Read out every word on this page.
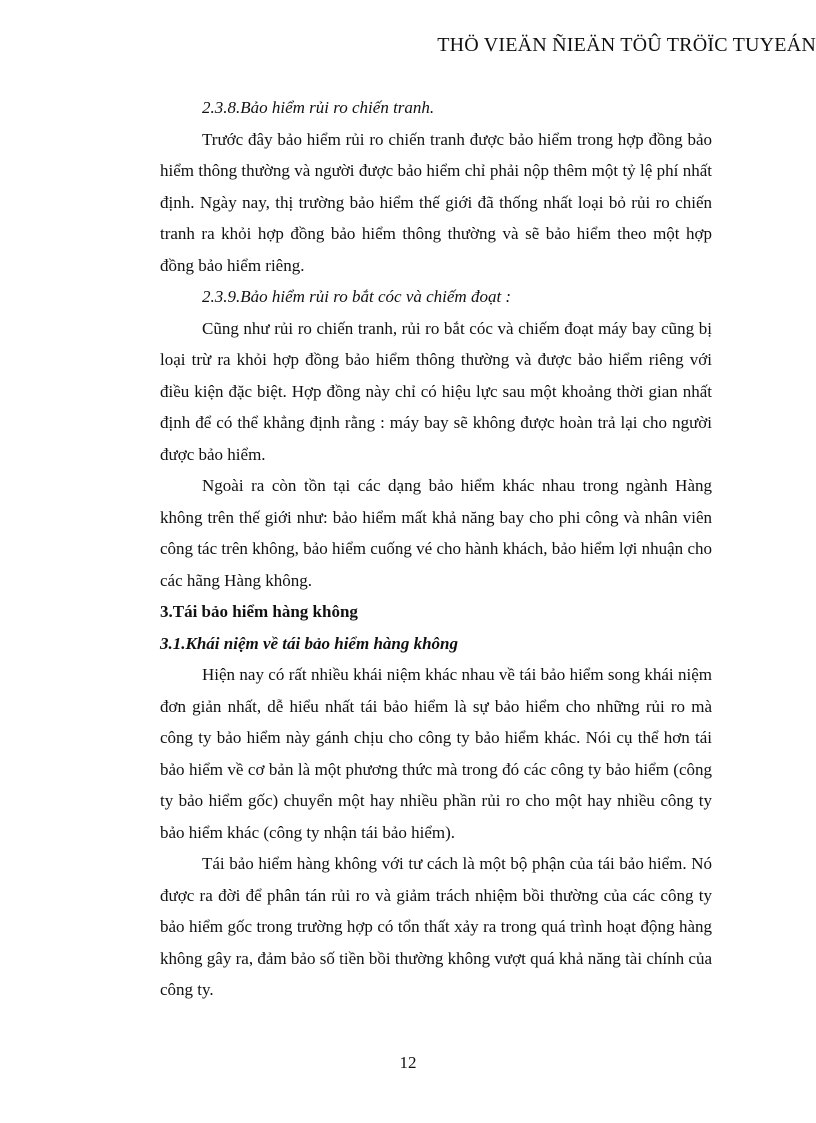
THÖ VIEÄN ÑIEÄN TÖÛ TRÖÏC TUYEÁN

2.3.8.Bảo hiểm rủi ro chiến tranh.

Trước đây bảo hiểm rủi ro chiến tranh được bảo hiểm trong hợp đồng bảo hiểm thông thường và người được bảo hiểm chỉ phải nộp thêm một tỷ lệ phí nhất định. Ngày nay, thị trường bảo hiểm thế giới đã thống nhất loại bỏ rủi ro chiến tranh ra khỏi hợp đồng bảo hiểm thông thường và sẽ bảo hiểm theo một hợp đồng bảo hiểm riêng.

2.3.9.Bảo hiểm rủi ro bắt cóc và chiếm đoạt :

Cũng như rủi ro chiến tranh, rủi ro bắt cóc và chiếm đoạt máy bay cũng bị loại trừ ra khỏi hợp đồng bảo hiểm thông thường và được bảo hiểm riêng với điều kiện đặc biệt. Hợp đồng này chỉ có hiệu lực sau một khoảng thời gian nhất định để có thể khẳng định rằng : máy bay sẽ không được hoàn trả lại cho người được bảo hiểm.

Ngoài ra còn tồn tại các dạng bảo hiểm khác nhau trong ngành Hàng không trên thế giới như: bảo hiểm mất khả năng bay cho phi công và nhân viên công tác trên không, bảo hiểm cuống vé cho hành khách, bảo hiểm lợi nhuận cho các hãng Hàng không.

3.Tái bảo hiểm hàng không

3.1.Khái niệm về tái bảo hiểm hàng không

Hiện nay có rất nhiều khái niệm khác nhau về tái bảo hiểm song khái niệm đơn giản nhất, dễ hiểu nhất tái bảo hiểm là sự bảo hiểm cho những rủi ro mà công ty bảo hiểm này gánh chịu cho công ty bảo hiểm khác. Nói cụ thể hơn tái bảo hiểm về cơ bản là một phương thức mà trong đó các công ty bảo hiểm (công ty bảo hiểm gốc) chuyển một hay nhiều phần rủi ro cho một hay nhiều công ty bảo hiểm khác (công ty nhận tái bảo hiểm).

Tái bảo hiểm hàng không với tư cách là một bộ phận của tái bảo hiểm. Nó được ra đời để phân tán rủi ro và giảm trách nhiệm bồi thường của các công ty bảo hiểm gốc trong trường hợp có tổn thất xảy ra trong quá trình hoạt động hàng không gây ra, đảm bảo số tiền bồi thường không vượt quá khả năng tài chính của công ty.

12
